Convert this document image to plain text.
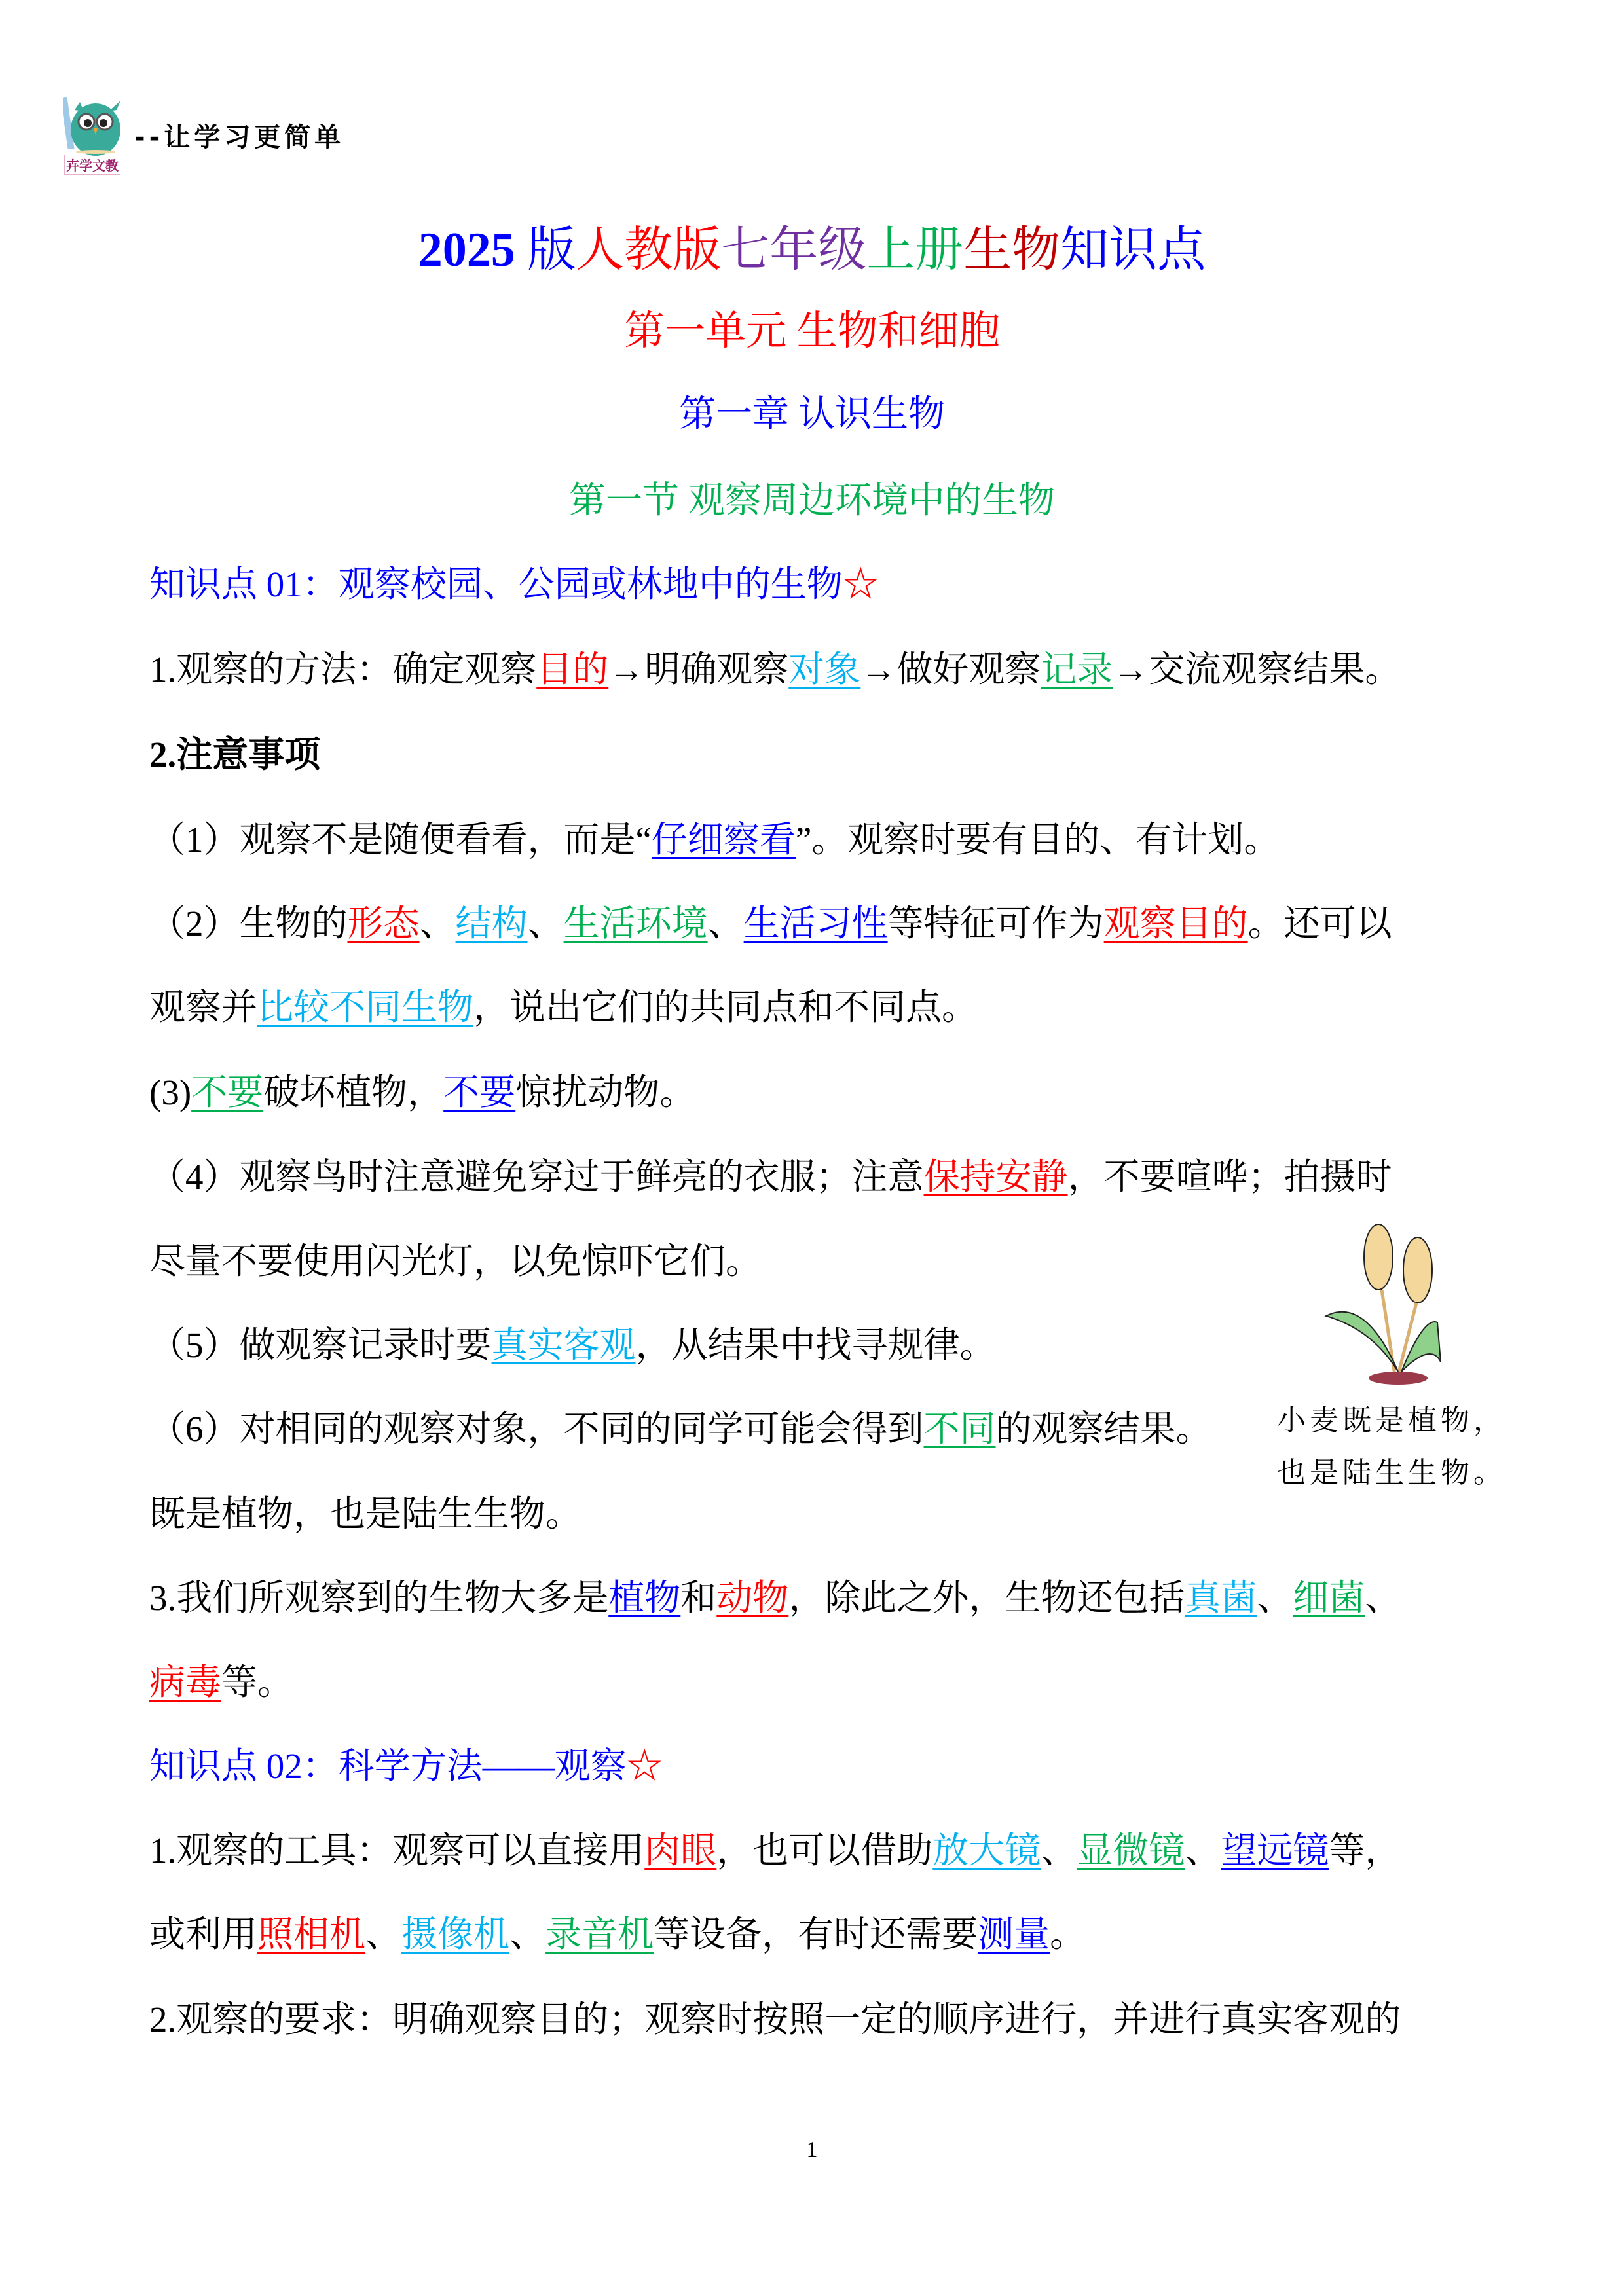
卉学文教
--让学习更简单
2025 版人教版七年级上册生物知识点
第一单元 生物和细胞
第一章 认识生物
第一节 观察周边环境中的生物
知识点 01：观察校园、公园或林地中的生物☆
1.观察的方法：确定观察目的→明确观察对象→做好观察记录→交流观察结果。
2.注意事项
（1）观察不是随便看看，而是“仔细察看”。观察时要有目的、有计划。
（2）生物的形态、结构、生活环境、生活习性等特征可作为观察目的。还可以
观察并比较不同生物，说出它们的共同点和不同点。
(3)不要破坏植物，不要惊扰动物。
（4）观察鸟时注意避免穿过于鲜亮的衣服；注意保持安静，不要喧哗；拍摄时
尽量不要使用闪光灯，以免惊吓它们。
（5）做观察记录时要真实客观，从结果中找寻规律。
（6）对相同的观察对象，不同的同学可能会得到不同的观察结果。
既是植物，也是陆生生物。
3.我们所观察到的生物大多是植物和动物，除此之外，生物还包括真菌、细菌、
病毒等。
知识点 02：科学方法——观察☆
1.观察的工具：观察可以直接用肉眼，也可以借助放大镜、显微镜、望远镜等，
或利用照相机、摄像机、录音机等设备，有时还需要测量。
2.观察的要求：明确观察目的；观察时按照一定的顺序进行，并进行真实客观的
小麦既是植物，
也是陆生生物。
1
